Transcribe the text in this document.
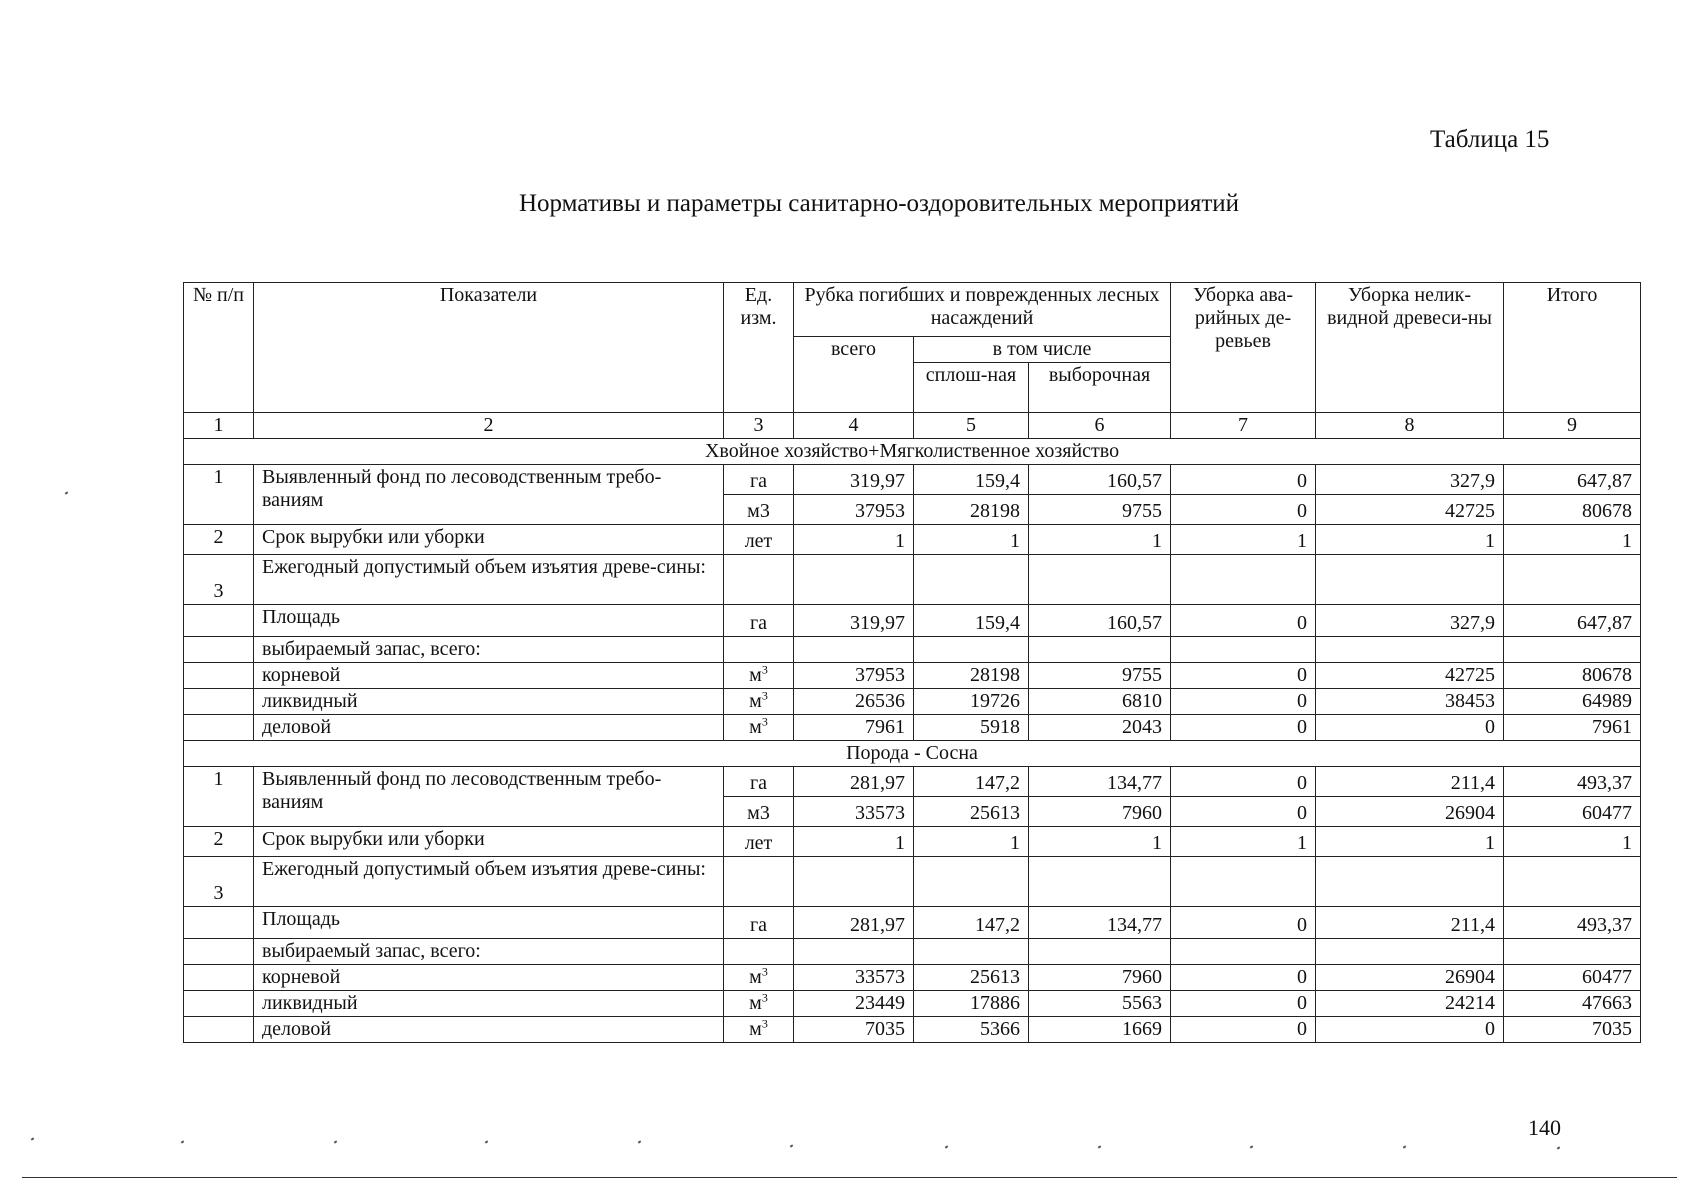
Таблица 15
Нормативы и параметры санитарно-оздоровительных мероприятий
№ п/п	Показатели	Ед. изм.	Рубка погибших и поврежденных лесных насаждений			Уборка ава-рийных де-ревьев	Уборка нелик-видной древеси-ны	Итого
			всего	в том числе				
				сплош-ная	выборочная			
1	2	3	4	5	6	7	8	9
Хвойное хозяйство+Мягколиственное хозяйство								
1	Выявленный фонд по лесоводственным требо-ваниям	га	319,97	159,4	160,57	0	327,9	647,87
		м3	37953	28198	9755	0	42725	80678
2	Срок вырубки или уборки	лет	1	1	1	1	1	1
3	Ежегодный допустимый объем изъятия древе-сины:							
	Площадь	га	319,97	159,4	160,57	0	327,9	647,87
	выбираемый запас, всего:							
	корневой	$м^3$	37953	28198	9755	0	42725	80678
	ликвидный	$м^3$	26536	19726	6810	0	38453	64989
	деловой	$м^3$	7961	5918	2043	0	0	7961
Порода - Сосна								
1	Выявленный фонд по лесоводственным требо-ваниям	га	281,97	147,2	134,77	0	211,4	493,37
		м3	33573	25613	7960	0	26904	60477
2	Срок вырубки или уборки	лет	1	1	1	1	1	1
3	Ежегодный допустимый объем изъятия древе-сины:							
	Площадь	га	281,97	147,2	134,77	0	211,4	493,37
	выбираемый запас, всего:							
	корневой	$м^3$	33573	25613	7960	0	26904	60477
	ликвидный	$м^3$	23449	17886	5563	0	24214	47663
	деловой	$м^3$	7035	5366	1669	0	0	7035
140
